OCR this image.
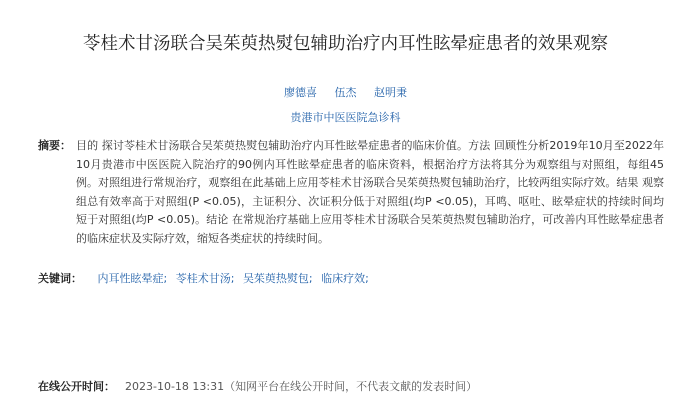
苓桂术甘汤联合吴茱萸热熨包辅助治疗内耳性眩晕症患者的效果观察
廖德喜 伍杰 赵明秉
贵港市中医医院急诊科
摘要： 目的 探讨苓桂术甘汤联合吴茱萸热熨包辅助治疗内耳性眩晕症患者的临床价值。方法 回顾性分析2019年10月至2022年10月贵港市中医医院入院治疗的90例内耳性眩晕症患者的临床资料，根据治疗方法将其分为观察组与对照组，每组45例。对照组进行常规治疗，观察组在此基础上应用苓桂术甘汤联合吴茱萸热熨包辅助治疗，比较两组实际疗效。结果 观察组总有效率高于对照组(P <0.05)，主证积分、次证积分低于对照组(均P <0.05)，耳鸣、呕吐、眩晕症状的持续时间均短于对照组(均P <0.05)。结论 在常规治疗基础上应用苓桂术甘汤联合吴茱萸热熨包辅助治疗，可改善内耳性眩晕症患者的临床症状及实际疗效，缩短各类症状的持续时间。
关键词： 内耳性眩晕症; 苓桂术甘汤; 吴茱萸热熨包; 临床疗效;
在线公开时间： 2023-10-18 13:31（知网平台在线公开时间，不代表文献的发表时间）
